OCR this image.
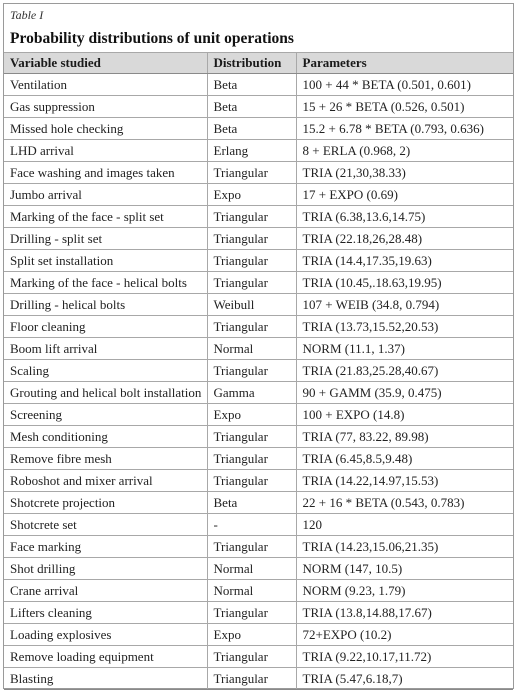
Table I
Probability distributions of unit operations
Variable studied	Distribution	Parameters
Ventilation	Beta	100 + 44 * BETA (0.501, 0.601)
Gas suppression	Beta	15 + 26 * BETA (0.526, 0.501)
Missed hole checking	Beta	15.2 + 6.78 * BETA (0.793, 0.636)
LHD arrival	Erlang	8 + ERLA (0.968, 2)
Face washing and images taken	Triangular	TRIA (21,30,38.33)
Jumbo arrival	Expo	17 + EXPO (0.69)
Marking of the face - split set	Triangular	TRIA (6.38,13.6,14.75)
Drilling - split set	Triangular	TRIA (22.18,26,28.48)
Split set installation	Triangular	TRIA (14.4,17.35,19.63)
Marking of the face - helical bolts	Triangular	TRIA (10.45,.18.63,19.95)
Drilling - helical bolts	Weibull	107 + WEIB (34.8, 0.794)
Floor cleaning	Triangular	TRIA (13.73,15.52,20.53)
Boom lift arrival	Normal	NORM (11.1, 1.37)
Scaling	Triangular	TRIA (21.83,25.28,40.67)
Grouting and helical bolt installation	Gamma	90 + GAMM (35.9, 0.475)
Screening	Expo	100 + EXPO (14.8)
Mesh conditioning	Triangular	TRIA (77, 83.22, 89.98)
Remove fibre mesh	Triangular	TRIA (6.45,8.5,9.48)
Roboshot and mixer arrival	Triangular	TRIA (14.22,14.97,15.53)
Shotcrete projection	Beta	22 + 16 * BETA (0.543, 0.783)
Shotcrete set	-	120
Face marking	Triangular	TRIA (14.23,15.06,21.35)
Shot drilling	Normal	NORM (147, 10.5)
Crane arrival	Normal	NORM (9.23, 1.79)
Lifters cleaning	Triangular	TRIA (13.8,14.88,17.67)
Loading explosives	Expo	72+EXPO (10.2)
Remove loading equipment	Triangular	TRIA (9.22,10.17,11.72)
Blasting	Triangular	TRIA (5.47,6.18,7)
